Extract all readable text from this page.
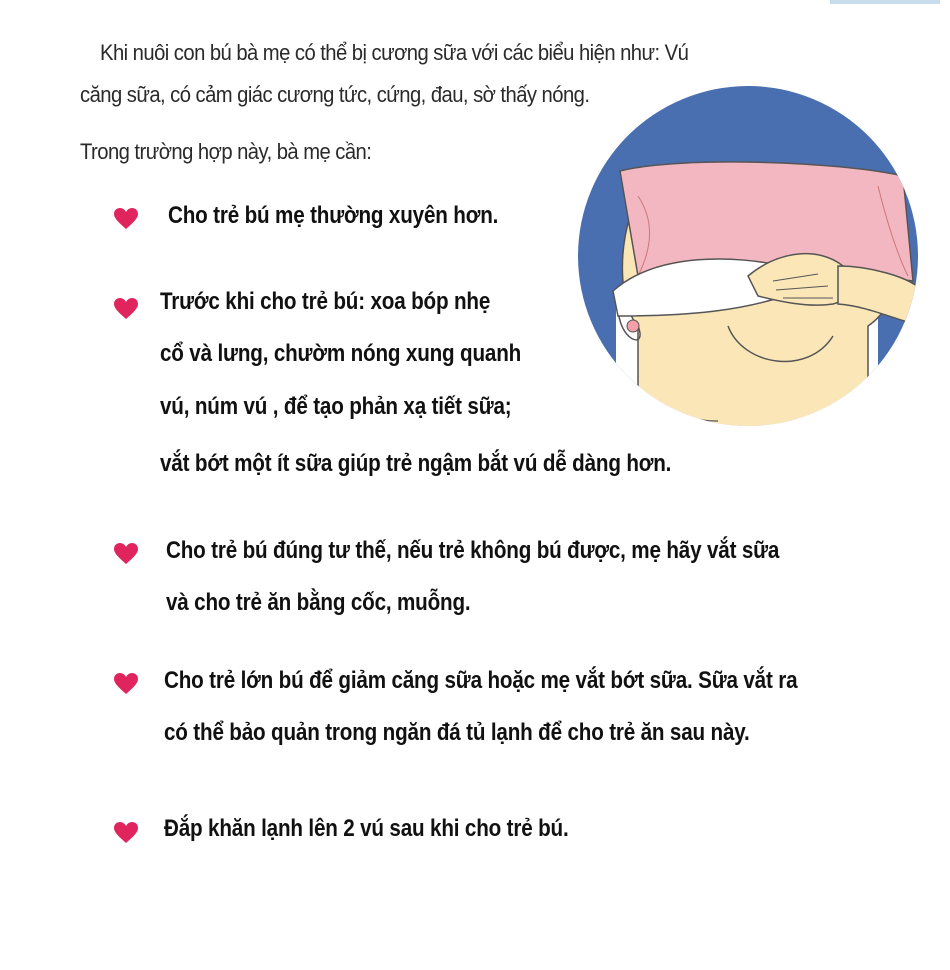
Khi nuôi con bú bà mẹ có thể bị cương sữa với các biểu hiện như: Vú
căng sữa, có cảm giác cương tức, cứng, đau, sờ thấy nóng.
Trong trường hợp này, bà mẹ cần:
Cho trẻ bú mẹ thường xuyên hơn.
Trước khi cho trẻ bú: xoa bóp nhẹ
cổ và lưng, chườm nóng xung quanh
vú, núm vú , để tạo phản xạ tiết sữa;
vắt bớt một ít sữa giúp trẻ ngậm bắt vú dễ dàng hơn.
Cho trẻ bú đúng tư thế, nếu trẻ không bú được, mẹ hãy vắt sữa
và cho trẻ ăn bằng cốc, muỗng.
Cho trẻ lớn bú để giảm căng sữa hoặc mẹ vắt bớt sữa. Sữa vắt ra
có thể bảo quản trong ngăn đá tủ lạnh để cho trẻ ăn sau này.
Đắp khăn lạnh lên 2 vú sau khi cho trẻ bú.
